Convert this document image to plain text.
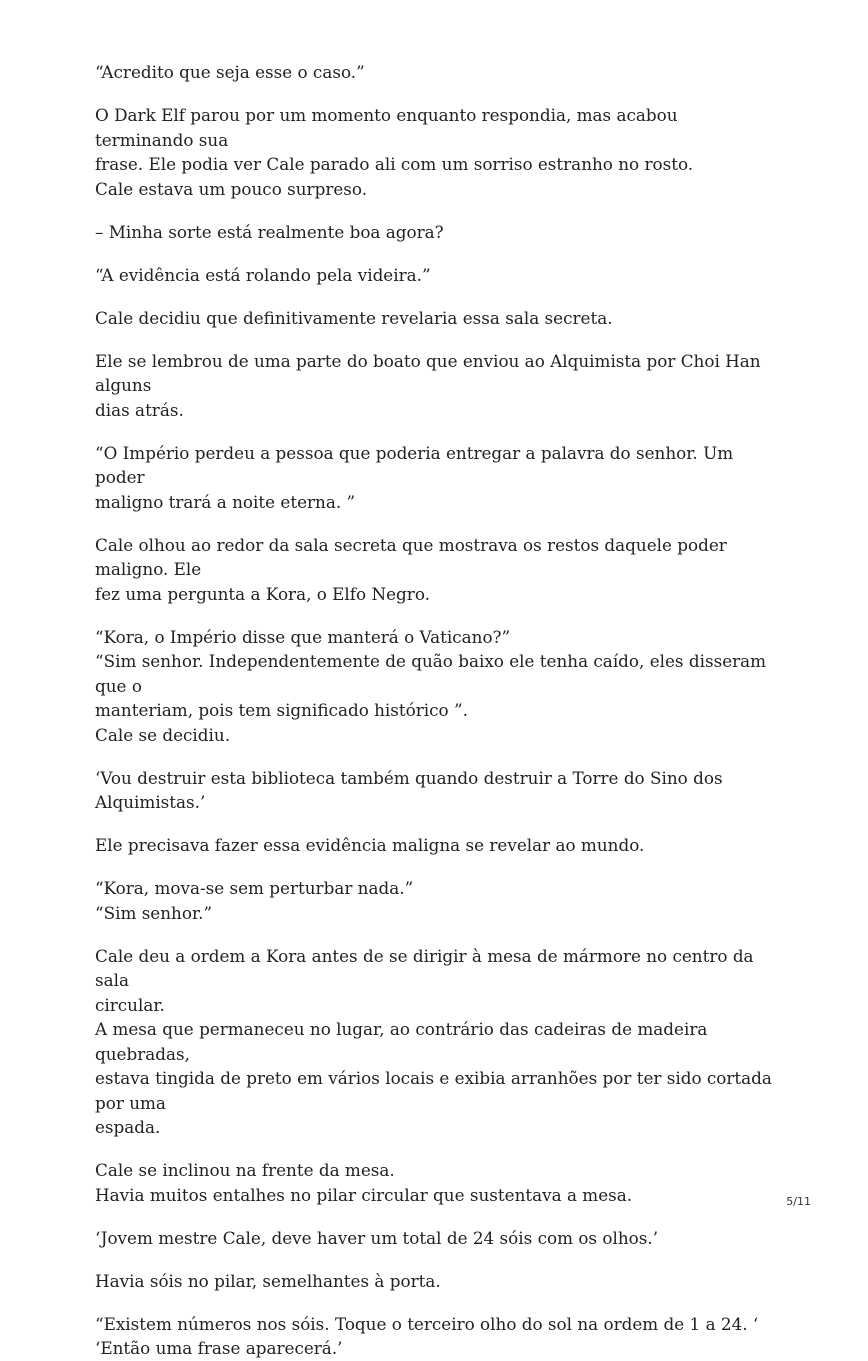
“Acredito que seja esse o caso.”

O Dark Elf parou por um momento enquanto respondia, mas acabou terminando sua
frase. Ele podia ver Cale parado ali com um sorriso estranho no rosto.
Cale estava um pouco surpreso.

– Minha sorte está realmente boa agora?

“A evidência está rolando pela videira.”

Cale decidiu que definitivamente revelaria essa sala secreta.

Ele se lembrou de uma parte do boato que enviou ao Alquimista por Choi Han alguns
dias atrás.

“O Império perdeu a pessoa que poderia entregar a palavra do senhor. Um poder
maligno trará a noite eterna. ”

Cale olhou ao redor da sala secreta que mostrava os restos daquele poder maligno. Ele
fez uma pergunta a Kora, o Elfo Negro.

“Kora, o Império disse que manterá o Vaticano?”
“Sim senhor. Independentemente de quão baixo ele tenha caído, eles disseram que o
manteriam, pois tem significado histórico ”.
Cale se decidiu.

‘Vou destruir esta biblioteca também quando destruir a Torre do Sino dos Alquimistas.’

Ele precisava fazer essa evidência maligna se revelar ao mundo.

“Kora, mova-se sem perturbar nada.”
“Sim senhor.”

Cale deu a ordem a Kora antes de se dirigir à mesa de mármore no centro da sala
circular.
A mesa que permaneceu no lugar, ao contrário das cadeiras de madeira quebradas,
estava tingida de preto em vários locais e exibia arranhões por ter sido cortada por uma
espada.

Cale se inclinou na frente da mesa.
Havia muitos entalhes no pilar circular que sustentava a mesa.

‘Jovem mestre Cale, deve haver um total de 24 sóis com os olhos.’

Havia sóis no pilar, semelhantes à porta.

“Existem números nos sóis. Toque o terceiro olho do sol na ordem de 1 a 24. ‘
‘Então uma frase aparecerá.’

5/11
